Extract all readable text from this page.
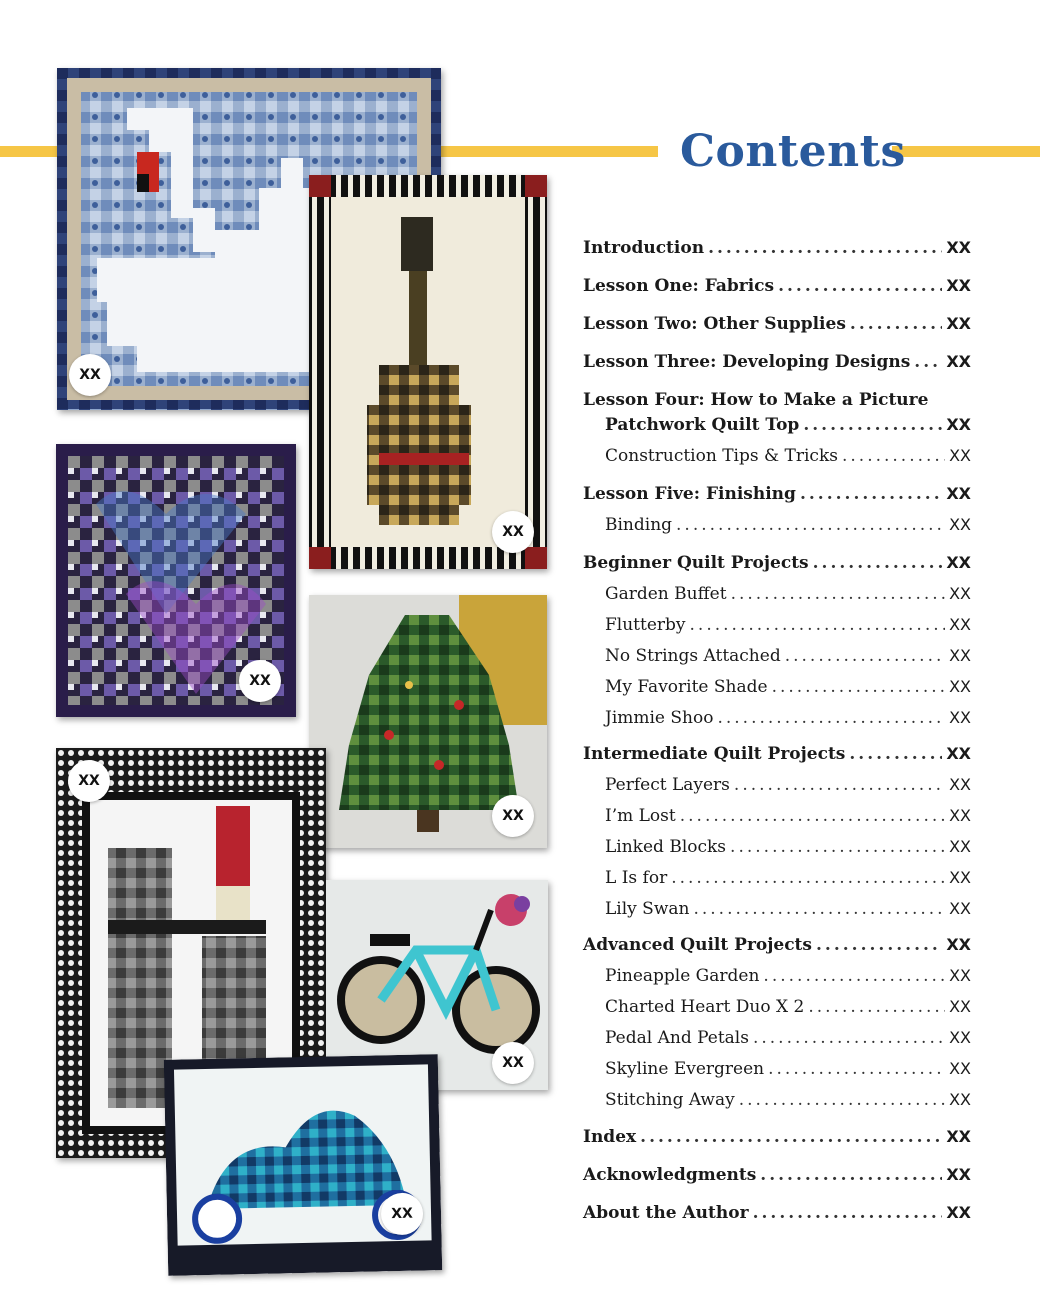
Contents
XX
XX
XX
XX
XX
XX
XX
Introduction .....	XX
Lesson One: Fabrics .....	XX
Lesson Two: Other Supplies .....	XX
Lesson Three: Developing Designs ..... XX
Lesson Four: How to Make a Picture
Patchwork Quilt Top .....	XX
Construction Tips & Tricks .....	XX
Lesson Five: Finishing .....	XX
Binding .....	XX
Beginner Quilt Projects .....	XX
Garden Buffet .....	XX
Flutterby .....	XX
No Strings Attached .....	XX
My Favorite Shade .....	XX
Jimmie Shoo .....	XX
Intermediate Quilt Projects .....	XX
Perfect Layers .....	XX
I’m Lost .....	XX
Linked Blocks .....	XX
L Is for .....	XX
Lily Swan .....	XX
Advanced Quilt Projects .....	XX
Pineapple Garden .....	XX
Charted Heart Duo X 2 .....	XX
Pedal And Petals .....	XX
Skyline Evergreen .....	XX
Stitching Away .....	XX
Index .....	XX
Acknowledgments .....	XX
About the Author .....	XX
